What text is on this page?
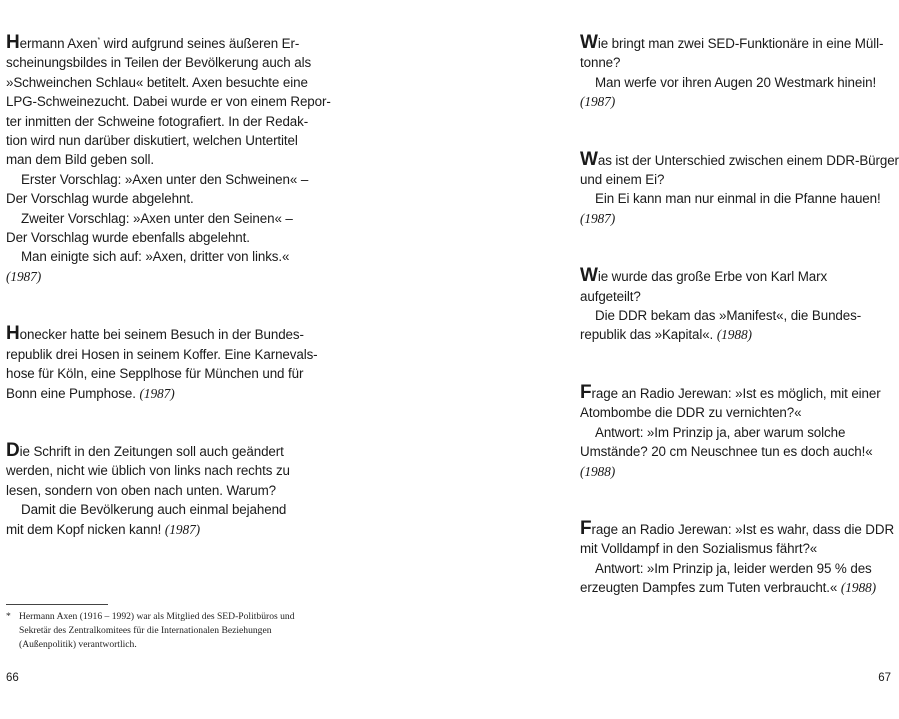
Hermann Axen* wird aufgrund seines äußeren Er-
scheinungsbildes in Teilen der Bevölkerung auch als
»Schweinchen Schlau« betitelt. Axen besuchte eine
LPG-Schweinezucht. Dabei wurde er von einem Repor-
ter inmitten der Schweine fotografiert. In der Redak-
tion wird nun darüber diskutiert, welchen Untertitel
man dem Bild geben soll.
Erster Vorschlag: »Axen unter den Schweinen« –
Der Vorschlag wurde abgelehnt.
Zweiter Vorschlag: »Axen unter den Seinen« –
Der Vorschlag wurde ebenfalls abgelehnt.
Man einigte sich auf: »Axen, dritter von links.«
(1987)
Honecker hatte bei seinem Besuch in der Bundes-
republik drei Hosen in seinem Koffer. Eine Karnevals-
hose für Köln, eine Sepplhose für München und für
Bonn eine Pumphose. (1987)
Die Schrift in den Zeitungen soll auch geändert
werden, nicht wie üblich von links nach rechts zu
lesen, sondern von oben nach unten. Warum?
Damit die Bevölkerung auch einmal bejahend
mit dem Kopf nicken kann! (1987)
Wie bringt man zwei SED-Funktionäre in eine Müll-
tonne?
Man werfe vor ihren Augen 20 Westmark hinein!
(1987)
Was ist der Unterschied zwischen einem DDR-Bürger
und einem Ei?
Ein Ei kann man nur einmal in die Pfanne hauen!
(1987)
Wie wurde das große Erbe von Karl Marx
aufgeteilt?
Die DDR bekam das »Manifest«, die Bundes-
republik das »Kapital«. (1988)
Frage an Radio Jerewan: »Ist es möglich, mit einer
Atombombe die DDR zu vernichten?«
Antwort: »Im Prinzip ja, aber warum solche
Umstände? 20 cm Neuschnee tun es doch auch!«
(1988)
Frage an Radio Jerewan: »Ist es wahr, dass die DDR
mit Volldampf in den Sozialismus fährt?«
Antwort: »Im Prinzip ja, leider werden 95 % des
erzeugten Dampfes zum Tuten verbraucht.« (1988)
* Hermann Axen (1916 – 1992) war als Mitglied des SED-Politbüros und
Sekretär des Zentralkomitees für die Internationalen Beziehungen
(Außenpolitik) verantwortlich.
66	67
